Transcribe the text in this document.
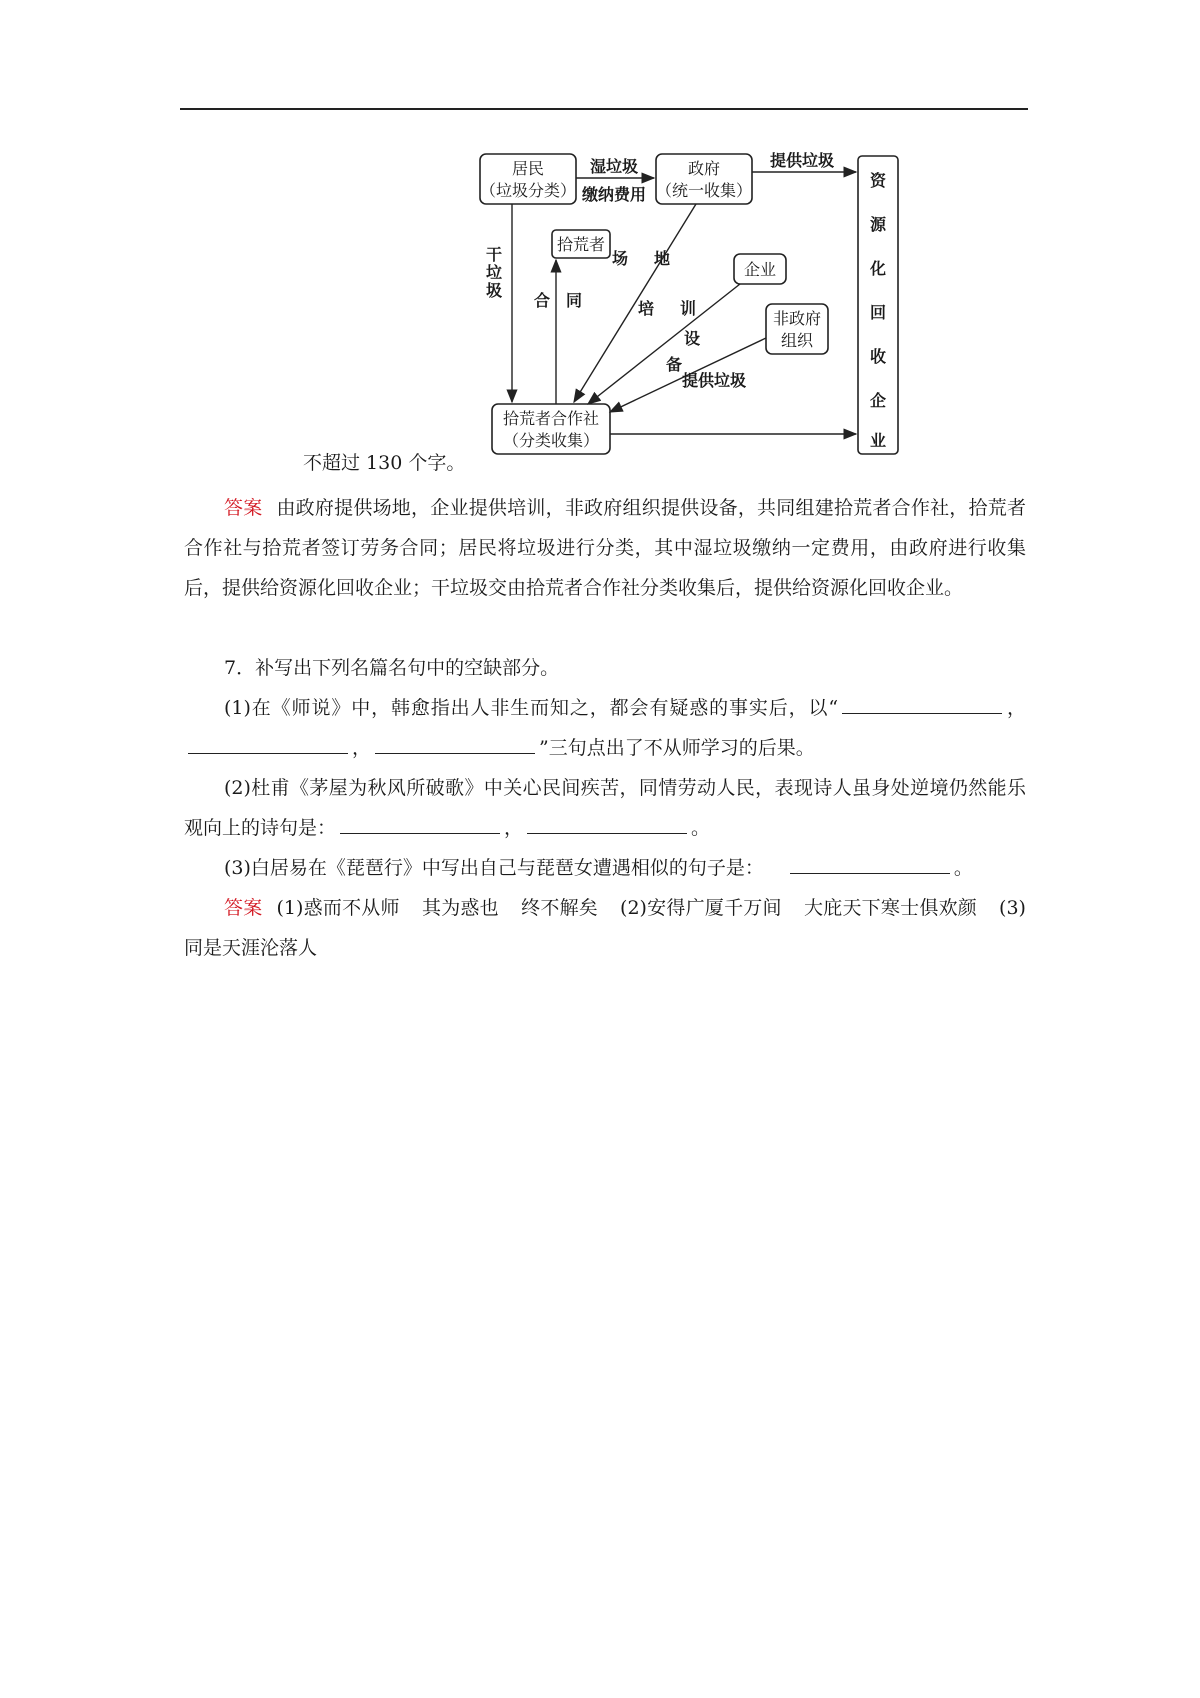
居民
（垃圾分类）
政府
（统一收集）
拾荒者
企业
非政府
组织
拾荒者合作社
（分类收集）
资
源
化
回
收
企
业
湿垃圾
缴纳费用
提供垃圾
干
垃
圾
合 同
场 地
培 训
设
备
提供垃圾
不超过 130 个字。
答案 由政府提供场地，企业提供培训，非政府组织提供设备，共同组建拾荒者合作社，拾荒者合作社与拾荒者签订劳务合同；居民将垃圾进行分类，其中湿垃圾缴纳一定费用，由政府进行收集后，提供给资源化回收企业；干垃圾交由拾荒者合作社分类收集后，提供给资源化回收企业。
7．补写出下列名篇名句中的空缺部分。
(1)在《师说》中，韩愈指出人非生而知之，都会有疑惑的事实后，以“	，，	”三句点出了不从师学习的后果。
(2)杜甫《茅屋为秋风所破歌》中关心民间疾苦，同情劳动人民，表现诗人虽身处逆境仍然能乐观向上的诗句是：	，	。
(3)白居易在《琵琶行》中写出自己与琵琶女遭遇相似的句子是：	。
答案 (1)惑而不从师 其为惑也 终不解矣 (2)安得广厦千万间 大庇天下寒士俱欢颜 (3)同是天涯沦落人
